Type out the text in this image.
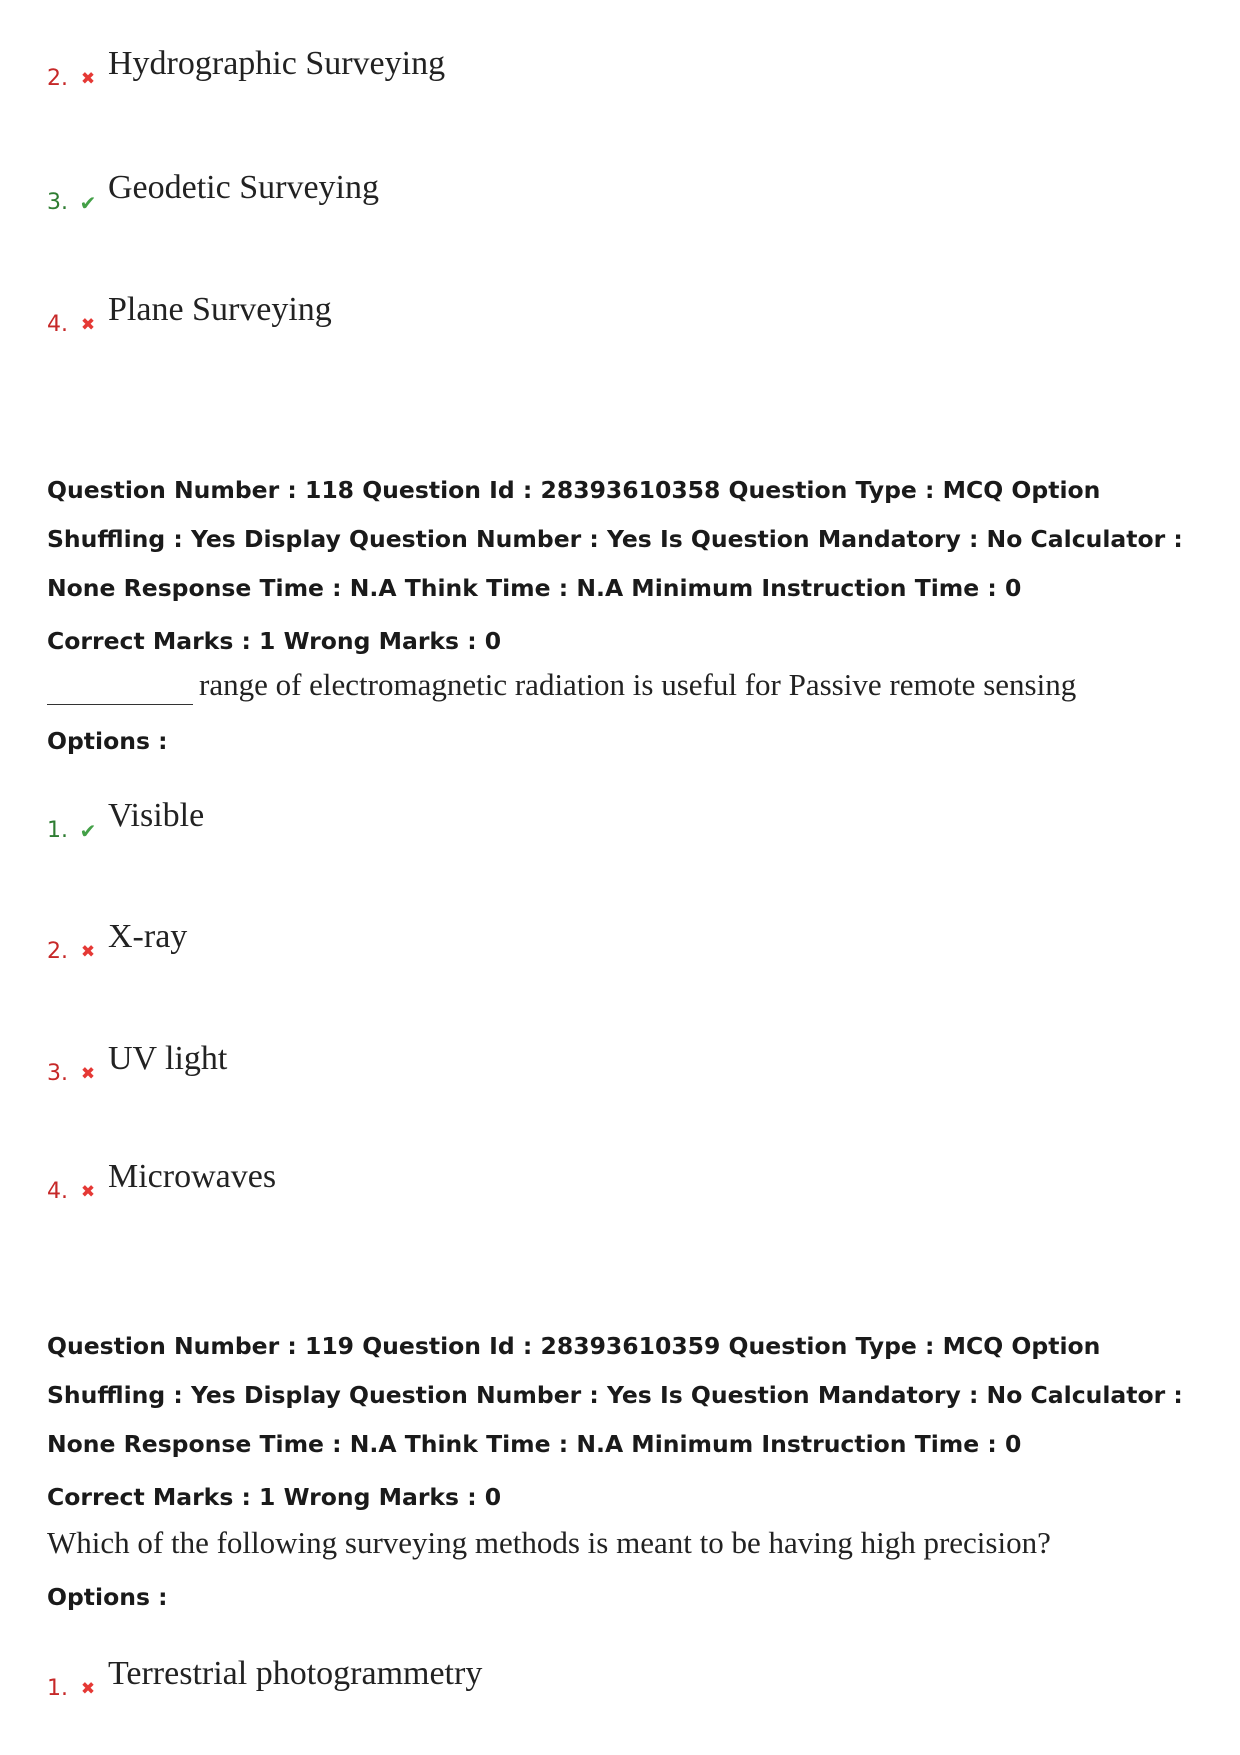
2. ✖ Hydrographic Surveying
3. ✔ Geodetic Surveying
4. ✖ Plane Surveying
Question Number : 118 Question Id : 28393610358 Question Type : MCQ Option Shuffling : Yes Display Question Number : Yes Is Question Mandatory : No Calculator : None Response Time : N.A Think Time : N.A Minimum Instruction Time : 0
Correct Marks : 1 Wrong Marks : 0
range of electromagnetic radiation is useful for Passive remote sensing
Options :
1. ✔ Visible
2. ✖ X-ray
3. ✖ UV light
4. ✖ Microwaves
Question Number : 119 Question Id : 28393610359 Question Type : MCQ Option Shuffling : Yes Display Question Number : Yes Is Question Mandatory : No Calculator : None Response Time : N.A Think Time : N.A Minimum Instruction Time : 0
Correct Marks : 1 Wrong Marks : 0
Which of the following surveying methods is meant to be having high precision?
Options :
1. ✖ Terrestrial photogrammetry
